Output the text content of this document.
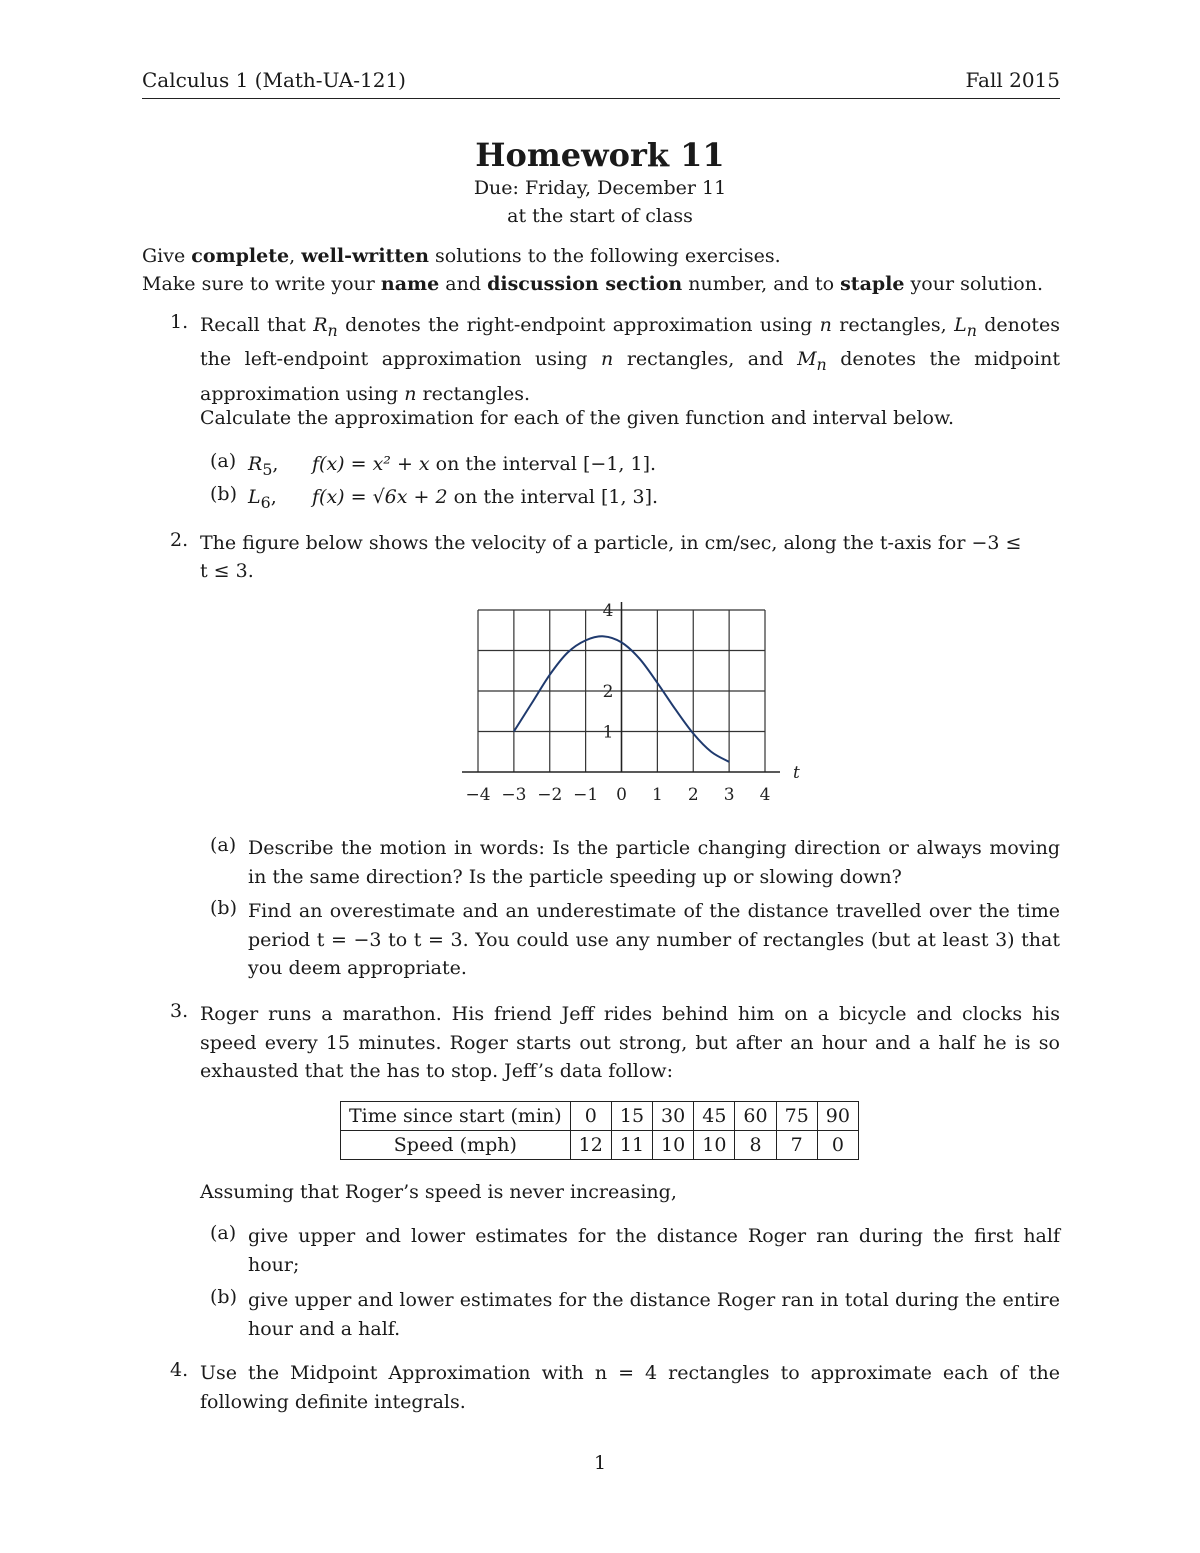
Calculus 1 (Math-UA-121)	Fall 2015
Homework 11
Due: Friday, December 11
at the start of class
Give complete, well-written solutions to the following exercises.
Make sure to write your name and discussion section number, and to staple your solution.
1. Recall that $R_n$ denotes the right-endpoint approximation using n rectangles, $L_n$ denotes the left-endpoint approximation using n rectangles, and $M_n$ denotes the midpoint approximation using n rectangles.
Calculate the approximation for each of the given function and interval below.
(a) $R_5$, f(x) = x² + x on the interval [−1, 1].
(b) $L_6$, f(x) = √6x + 2 on the interval [1, 3].
2. The figure below shows the velocity of a particle, in cm/sec, along the t-axis for −3 ≤
t ≤ 3.
−4 −3 −2 −1 0 1 2 3 4
1
2
4
t
(a) Describe the motion in words: Is the particle changing direction or always moving in the same direction? Is the particle speeding up or slowing down?
(b) Find an overestimate and an underestimate of the distance travelled over the time period t = −3 to t = 3. You could use any number of rectangles (but at least 3) that you deem appropriate.
3. Roger runs a marathon. His friend Jeff rides behind him on a bicycle and clocks his speed every 15 minutes. Roger starts out strong, but after an hour and a half he is so exhausted that the has to stop. Jeff’s data follow:
Time since start (min)	0	15	30	45	60	75	90
Speed (mph)	12	11	10	10	8	7	0
Assuming that Roger’s speed is never increasing,
(a) give upper and lower estimates for the distance Roger ran during the first half hour;
(b) give upper and lower estimates for the distance Roger ran in total during the entire hour and a half.
4. Use the Midpoint Approximation with n = 4 rectangles to approximate each of the following definite integrals.
1
